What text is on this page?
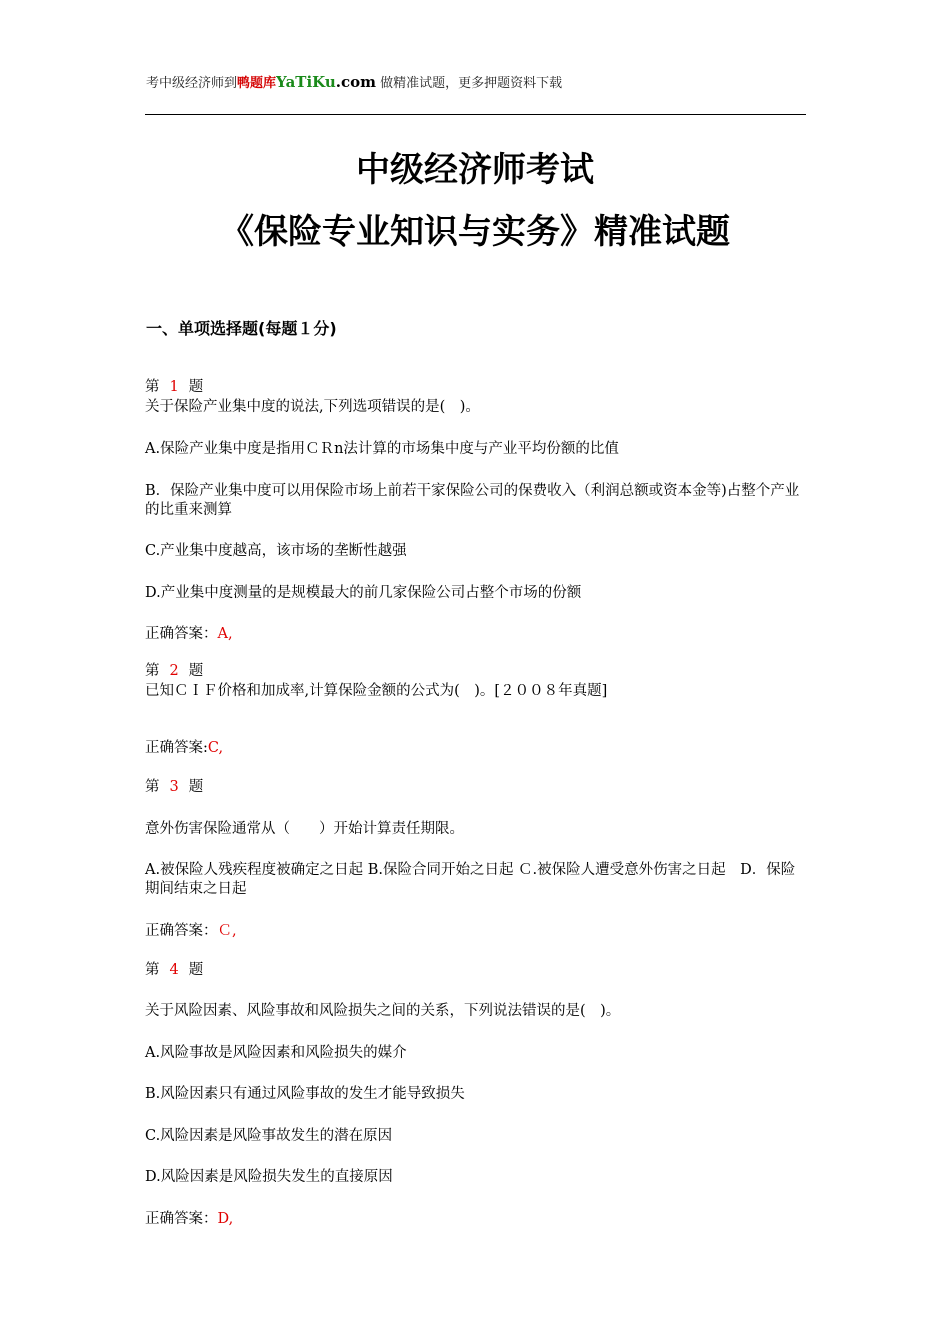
考中级经济师到鸭题库YaTiKu.com 做精准试题，更多押题资料下载
中级经济师考试
《保险专业知识与实务》精准试题
一、单项选择题(每题１分)
第 1 题
关于保险产业集中度的说法,下列选项错误的是(　)。
A.保险产业集中度是指用ＣＲn法计算的市场集中度与产业平均份额的比值
B．保险产业集中度可以用保险市场上前若干家保险公司的保费收入（利润总额或资本金等)占整个产业的比重来测算
C.产业集中度越高，该市场的垄断性越强
D.产业集中度测量的是规模最大的前几家保险公司占整个市场的份额
正确答案：A,
第 2 题
已知ＣＩＦ价格和加成率,计算保险金额的公式为(　)。[２００８年真题]
正确答案:C,
第 3 题
意外伤害保险通常从（　　）开始计算责任期限。
A.被保险人残疾程度被确定之日起 B.保险合同开始之日起 Ｃ.被保险人遭受意外伤害之日起　D．保险期间结束之日起
正确答案：Ｃ,
第 4 题
关于风险因素、风险事故和风险损失之间的关系，下列说法错误的是(　)。
A.风险事故是风险因素和风险损失的媒介
B.风险因素只有通过风险事故的发生才能导致损失
C.风险因素是风险事故发生的潜在原因
D.风险因素是风险损失发生的直接原因
正确答案：D,
